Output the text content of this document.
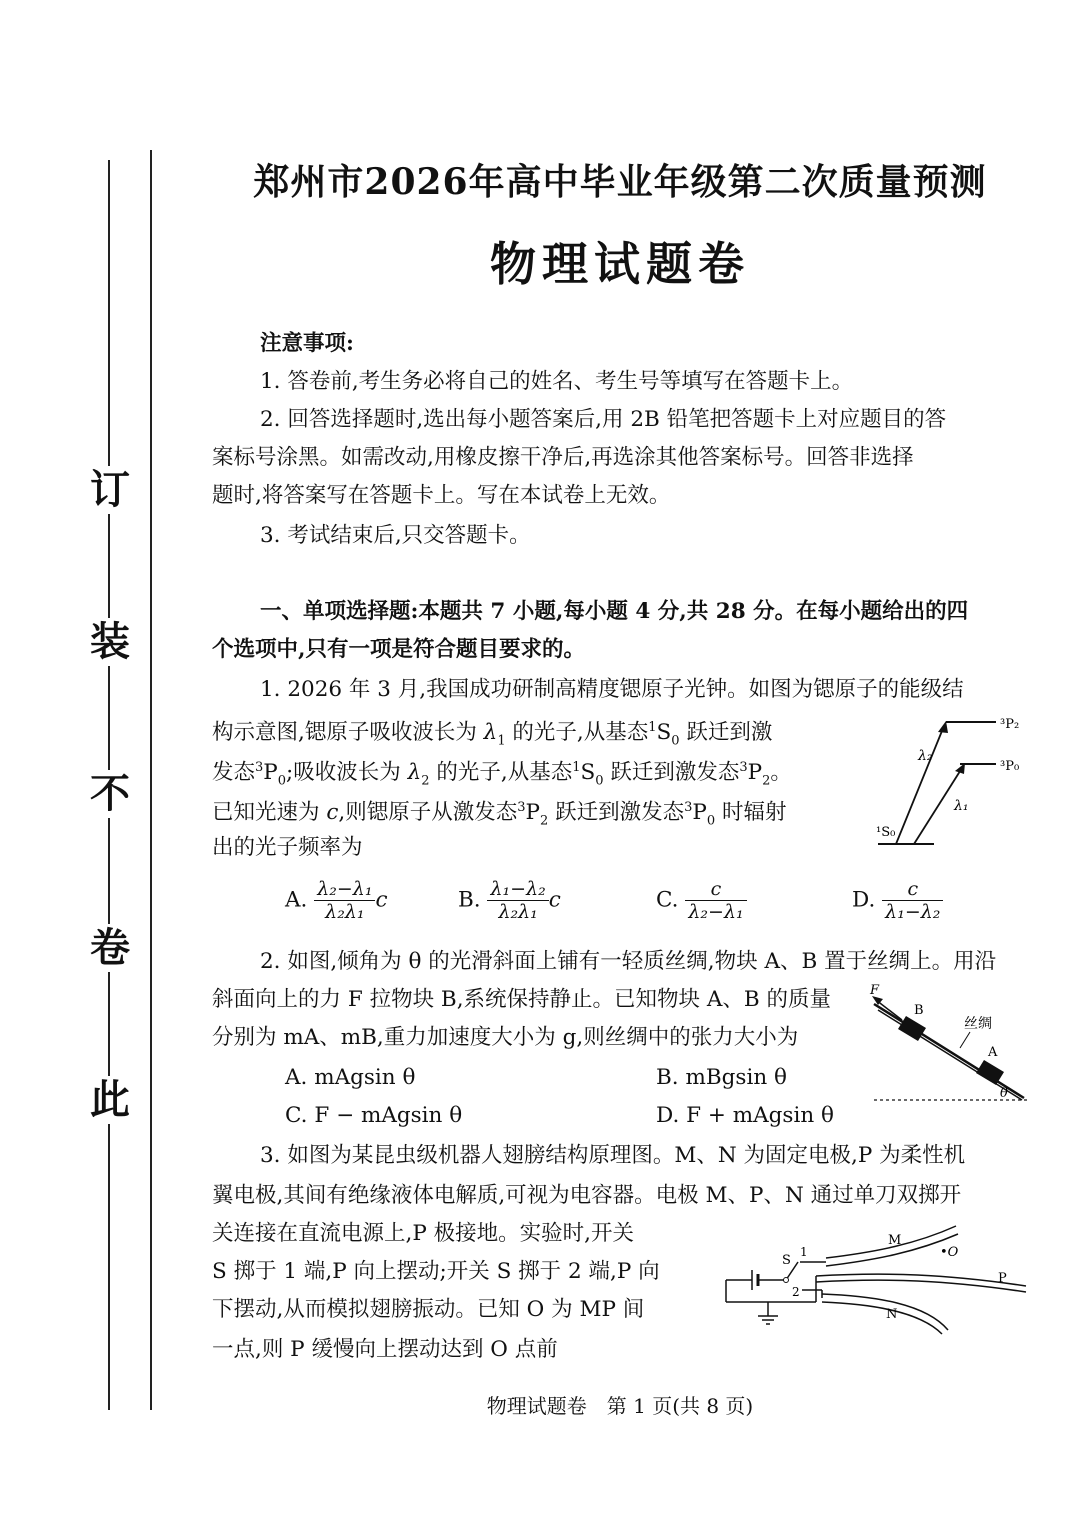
订
装
不
卷
此
郑州市2026年高中毕业年级第二次质量预测
物理试题卷
注意事项:
1. 答卷前,考生务必将自己的姓名、考生号等填写在答题卡上。
2. 回答选择题时,选出每小题答案后,用 2B 铅笔把答题卡上对应题目的答
案标号涂黑。如需改动,用橡皮擦干净后,再选涂其他答案标号。回答非选择
题时,将答案写在答题卡上。写在本试卷上无效。
3. 考试结束后,只交答题卡。
一、单项选择题:本题共 7 小题,每小题 4 分,共 28 分。在每小题给出的四
个选项中,只有一项是符合题目要求的。
1. 2026 年 3 月,我国成功研制高精度锶原子光钟。如图为锶原子的能级结
构示意图,锶原子吸收波长为 $\lambda_1$ 的光子,从基态$^1S_0$ 跃迁到激
发态$^3P_0$;吸收波长为 $\lambda_2$ 的光子,从基态$^1S_0$ 跃迁到激发态$^3P_2$。
已知光速为 c,则锶原子从激发态$^3P_2$ 跃迁到激发态$^3P_0$ 时辐射
出的光子频率为
³P₂
³P₀
¹S₀
λ₂
λ₁
A. $\frac{\text{λ₂−λ₁}}{\text{λ₂λ₁}}$ c	B. $\frac{\text{λ₁−λ₂}}{\text{λ₂λ₁}}$ c	C. $\frac{c}{\text{λ₂−λ₁}}$	D. $\frac{c}{\text{λ₁−λ₂}}$
2. 如图,倾角为 θ 的光滑斜面上铺有一轻质丝绸,物块 A、B 置于丝绸上。用沿
斜面向上的力 F 拉物块 B,系统保持静止。已知物块 A、B 的质量
分别为 mA、mB,重力加速度大小为 g,则丝绸中的张力大小为
A. mAgsin θ	B. mBgsin θ
C. F − mAgsin θ	D. F + mAgsin θ
F
B
A
丝绸
θ
3. 如图为某昆虫级机器人翅膀结构原理图。M、N 为固定电极,P 为柔性机
翼电极,其间有绝缘液体电解质,可视为电容器。电极 M、P、N 通过单刀双掷开
关连接在直流电源上,P 极接地。实验时,开关
S 掷于 1 端,P 向上摆动;开关 S 掷于 2 端,P 向
下摆动,从而模拟翅膀振动。已知 O 为 MP 间
一点,则 P 缓慢向上摆动达到 O 点前
S
1
2
M
•O
P
N
物理试题卷　第 1 页(共 8 页)
